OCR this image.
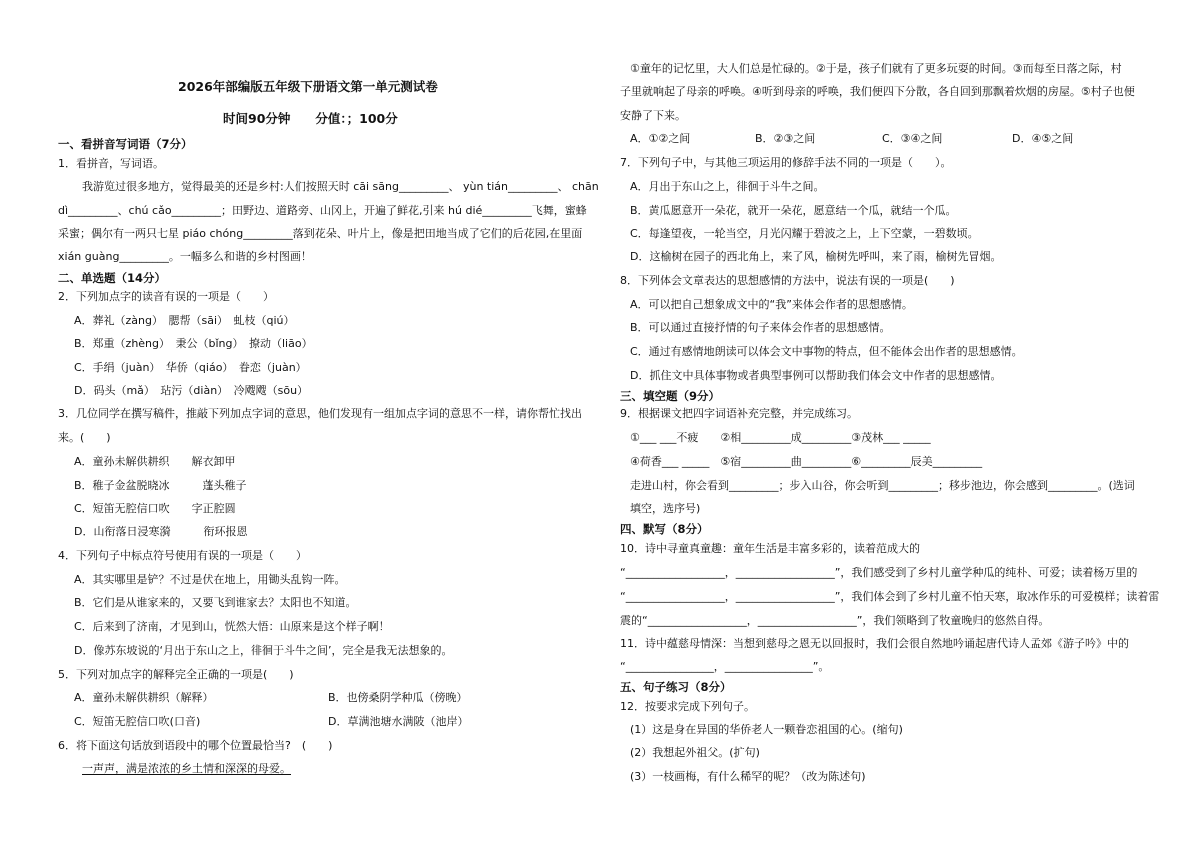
2026年部编版五年级下册语文第一单元测试卷
时间90分钟　　分值：；100分
一、看拼音写词语（7分）
1．看拼音，写词语。
我游览过很多地方，觉得最美的还是乡村:人们按照天时 cāi sāng_________、 yùn tián_________、 chān
dì_________、chú cǎo_________；田野边、道路旁、山冈上，开遍了鲜花,引来 hú dié_________飞舞，蜜蜂
采蜜；偶尔有一两只七星 piáo chóng_________落到花朵、叶片上，像是把田地当成了它们的后花园,在里面
xián guàng_________。一幅多么和谐的乡村图画！
二、单选题（14分）
2．下列加点字的读音有误的一项是（　　）
A．葬礼（zàng）　腮帮（sāi）　虬枝（qiú）
B．郑重（zhèng）　秉公（bǐng）　撩动（liāo）
C．手绢（juàn）　华侨（qiáo）　眷恋（juàn）
D．码头（mǎ）　玷污（diàn）　冷飕飕（sōu）
3．几位同学在撰写稿件，推敲下列加点字词的意思，他们发现有一组加点字词的意思不一样，请你帮忙找出
来。(　　)
A．童孙未解供耕织　　解衣卸甲
B．稚子金盆脱晓冰　　　蓬头稚子
C．短笛无腔信口吹　　字正腔圆
D．山衔落日浸寒漪　　　衔环报恩
4．下列句子中标点符号使用有误的一项是（　　）
A．其实哪里是铲？不过是伏在地上，用锄头乱钩一阵。
B．它们是从谁家来的，又要飞到谁家去？太阳也不知道。
C．后来到了济南，才见到山，恍然大悟：山原来是这个样子啊！
D．像苏东坡说的‘月出于东山之上，徘徊于斗牛之间’，完全是我无法想象的。
5．下列对加点字的解释完全正确的一项是(　　)
A．童孙未解供耕织（解释）	B．也傍桑阴学种瓜（傍晚）
C．短笛无腔信口吹(口音)	D．草满池塘水满陂（池岸）
6．将下面这句话放到语段中的哪个位置最恰当?　(　　)
一声声，满是浓浓的乡土情和深深的母爱。
①童年的记忆里，大人们总是忙碌的。②于是，孩子们就有了更多玩耍的时间。③而每至日落之际，村
子里就响起了母亲的呼唤。④听到母亲的呼唤，我们便四下分散，各自回到那飘着炊烟的房屋。⑤村子也便
安静了下来。
A．①②之间	B．②③之间	C．③④之间	D．④⑤之间
7．下列句子中，与其他三项运用的修辞手法不同的一项是（　　）。
A．月出于东山之上，徘徊于斗牛之间。
B．黄瓜愿意开一朵花，就开一朵花，愿意结一个瓜，就结一个瓜。
C．每逢望夜，一轮当空，月光闪耀于碧波之上，上下空蒙，一碧数顷。
D．这榆树在园子的西北角上，来了风，榆树先呼叫，来了雨，榆树先冒烟。
8．下列体会文章表达的思想感情的方法中，说法有误的一项是(　　)
A．可以把自己想象成文中的“我”来体会作者的思想感情。
B．可以通过直接抒情的句子来体会作者的思想感情。
C．通过有感情地朗读可以体会文中事物的特点，但不能体会出作者的思想感情。
D．抓住文中具体事物或者典型事例可以帮助我们体会文中作者的思想感情。
三、填空题（9分）
9．根据课文把四字词语补充完整，并完成练习。
①___ ___不疲　　②相_________成_________③茂林___ _____
④荷香___ _____　⑤宿_________曲_________⑥_________辰美_________
走进山村，你会看到_________；步入山谷，你会听到_________；移步池边，你会感到_________。(选词
填空，选序号)
四、默写（8分）
10．诗中寻童真童趣：童年生活是丰富多彩的，读着范成大的
“__________________，__________________”，我们感受到了乡村儿童学种瓜的纯朴、可爱；读着杨万里的
“__________________，__________________”，我们体会到了乡村儿童不怕天寒，取冰作乐的可爱模样；读着雷
震的“__________________，__________________”，我们领略到了牧童晚归的悠然自得。
11．诗中蕴慈母情深：当想到慈母之恩无以回报时，我们会很自然地吟诵起唐代诗人孟郊《游子吟》中的
“________________，________________”。
五、句子练习（8分）
12．按要求完成下列句子。
(1）这是身在异国的华侨老人一颗眷恋祖国的心。(缩句)
(2）我想起外祖父。(扩句)
(3）一枝画梅，有什么稀罕的呢？（改为陈述句)
